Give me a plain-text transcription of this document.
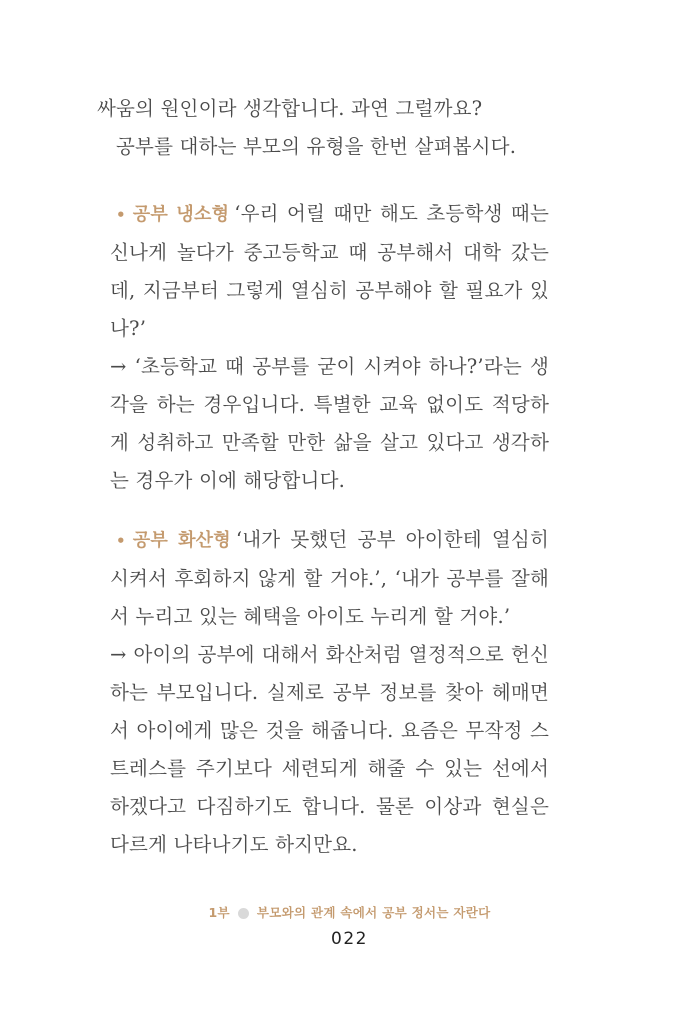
싸움의 원인이라 생각합니다. 과연 그럴까요?

공부를 대하는 부모의 유형을 한번 살펴봅시다.

• 공부 냉소형 ‘우리 어릴 때만 해도 초등학생 때는 신나게 놀다가 중고등학교 때 공부해서 대학 갔는데, 지금부터 그렇게 열심히 공부해야 할 필요가 있나?’

→ ‘초등학교 때 공부를 굳이 시켜야 하나?’라는 생각을 하는 경우입니다. 특별한 교육 없이도 적당하게 성취하고 만족할 만한 삶을 살고 있다고 생각하는 경우가 이에 해당합니다.

• 공부 화산형 ‘내가 못했던 공부 아이한테 열심히 시켜서 후회하지 않게 할 거야.’, ‘내가 공부를 잘해서 누리고 있는 혜택을 아이도 누리게 할 거야.’

→ 아이의 공부에 대해서 화산처럼 열정적으로 헌신하는 부모입니다. 실제로 공부 정보를 찾아 헤매면서 아이에게 많은 것을 해줍니다. 요즘은 무작정 스트레스를 주기보다 세련되게 해줄 수 있는 선에서 하겠다고 다짐하기도 합니다. 물론 이상과 현실은 다르게 나타나기도 하지만요.

1부 부모와의 관계 속에서 공부 정서는 자란다
022
